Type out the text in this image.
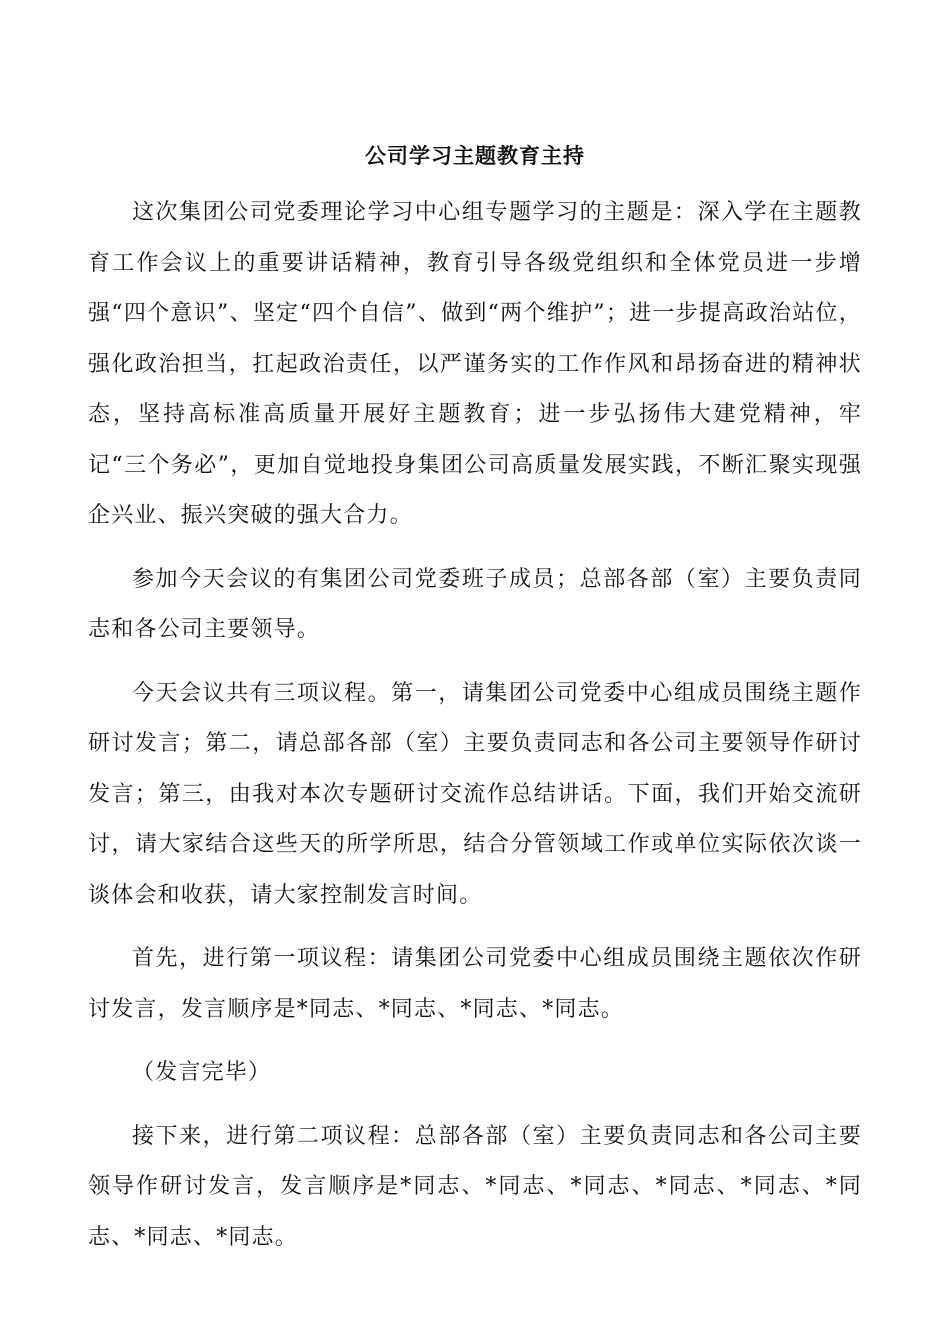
公司学习主题教育主持

这次集团公司党委理论学习中心组专题学习的主题是：深入学在主题教育工作会议上的重要讲话精神，教育引导各级党组织和全体党员进一步增强“四个意识”、坚定“四个自信”、做到“两个维护”；进一步提高政治站位，强化政治担当，扛起政治责任，以严谨务实的工作作风和昂扬奋进的精神状态，坚持高标准高质量开展好主题教育；进一步弘扬伟大建党精神，牢记“三个务必”，更加自觉地投身集团公司高质量发展实践，不断汇聚实现强企兴业、振兴突破的强大合力。

参加今天会议的有集团公司党委班子成员；总部各部（室）主要负责同志和各公司主要领导。

今天会议共有三项议程。第一，请集团公司党委中心组成员围绕主题作研讨发言；第二，请总部各部（室）主要负责同志和各公司主要领导作研讨发言；第三，由我对本次专题研讨交流作总结讲话。下面，我们开始交流研讨，请大家结合这些天的所学所思，结合分管领域工作或单位实际依次谈一谈体会和收获，请大家控制发言时间。

首先，进行第一项议程：请集团公司党委中心组成员围绕主题依次作研讨发言，发言顺序是*同志、*同志、*同志、*同志。

（发言完毕）

接下来，进行第二项议程：总部各部（室）主要负责同志和各公司主要领导作研讨发言，发言顺序是*同志、*同志、*同志、*同志、*同志、*同志、*同志、*同志。
